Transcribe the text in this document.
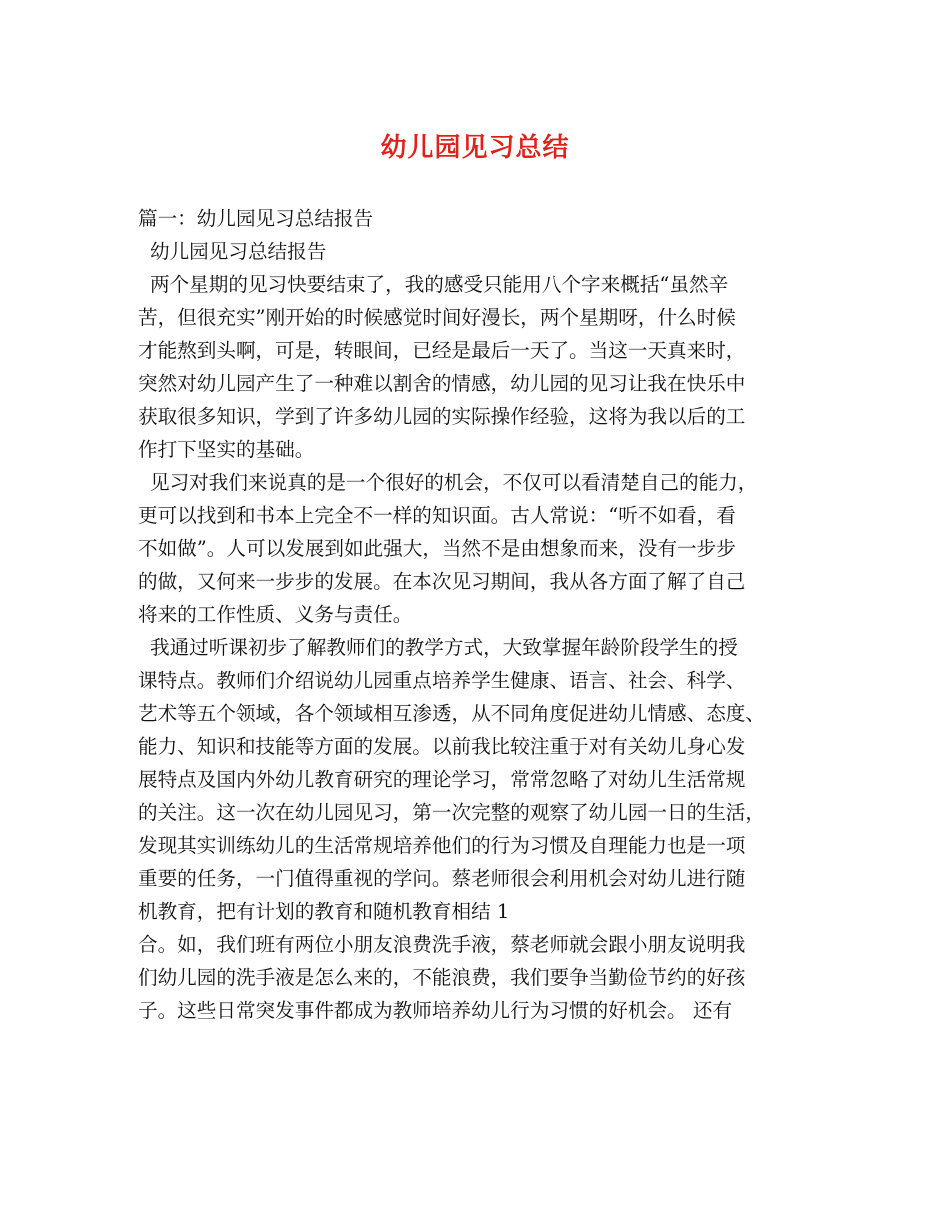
幼儿园见习总结
篇一：幼儿园见习总结报告
幼儿园见习总结报告
两个星期的见习快要结束了，我的感受只能用八个字来概括“虽然辛
苦，但很充实”刚开始的时候感觉时间好漫长，两个星期呀，什么时候
才能熬到头啊，可是，转眼间，已经是最后一天了。当这一天真来时，
突然对幼儿园产生了一种难以割舍的情感，幼儿园的见习让我在快乐中
获取很多知识，学到了许多幼儿园的实际操作经验，这将为我以后的工
作打下坚实的基础。
见习对我们来说真的是一个很好的机会，不仅可以看清楚自己的能力，
更可以找到和书本上完全不一样的知识面。古人常说：“听不如看，看
不如做”。人可以发展到如此强大，当然不是由想象而来，没有一步步
的做，又何来一步步的发展。在本次见习期间，我从各方面了解了自己
将来的工作性质、义务与责任。
我通过听课初步了解教师们的教学方式，大致掌握年龄阶段学生的授
课特点。教师们介绍说幼儿园重点培养学生健康、语言、社会、科学、
艺术等五个领域，各个领域相互渗透，从不同角度促进幼儿情感、态度、
能力、知识和技能等方面的发展。以前我比较注重于对有关幼儿身心发
展特点及国内外幼儿教育研究的理论学习，常常忽略了对幼儿生活常规
的关注。这一次在幼儿园见习，第一次完整的观察了幼儿园一日的生活，
发现其实训练幼儿的生活常规培养他们的行为习惯及自理能力也是一项
重要的任务，一门值得重视的学问。蔡老师很会利用机会对幼儿进行随
机教育，把有计划的教育和随机教育相结 1
合。如，我们班有两位小朋友浪费洗手液，蔡老师就会跟小朋友说明我
们幼儿园的洗手液是怎么来的，不能浪费，我们要争当勤俭节约的好孩
子。这些日常突发事件都成为教师培养幼儿行为习惯的好机会。 还有
